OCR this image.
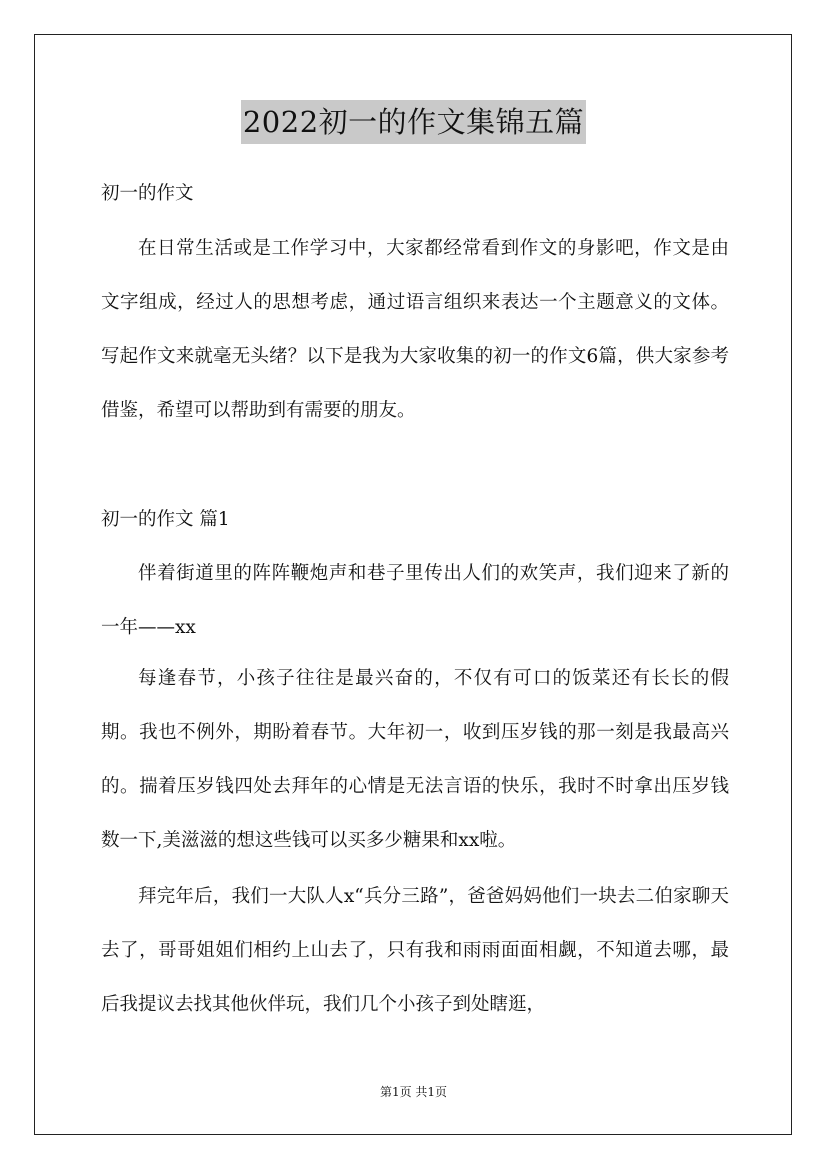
2022初一的作文集锦五篇

初一的作文

在日常生活或是工作学习中，大家都经常看到作文的身影吧，作文是由文字组成，经过人的思想考虑，通过语言组织来表达一个主题意义的文体。写起作文来就毫无头绪？以下是我为大家收集的初一的作文6篇，供大家参考借鉴，希望可以帮助到有需要的朋友。

初一的作文 篇1

伴着街道里的阵阵鞭炮声和巷子里传出人们的欢笑声，我们迎来了新的一年——xx

每逢春节，小孩子往往是最兴奋的，不仅有可口的饭菜还有长长的假期。我也不例外，期盼着春节。大年初一，收到压岁钱的那一刻是我最高兴的。揣着压岁钱四处去拜年的心情是无法言语的快乐，我时不时拿出压岁钱数一下,美滋滋的想这些钱可以买多少糖果和xx啦。

拜完年后，我们一大队人x“兵分三路”，爸爸妈妈他们一块去二伯家聊天去了，哥哥姐姐们相约上山去了，只有我和雨雨面面相觑，不知道去哪，最后我提议去找其他伙伴玩，我们几个小孩子到处瞎逛，

第1页 共1页
